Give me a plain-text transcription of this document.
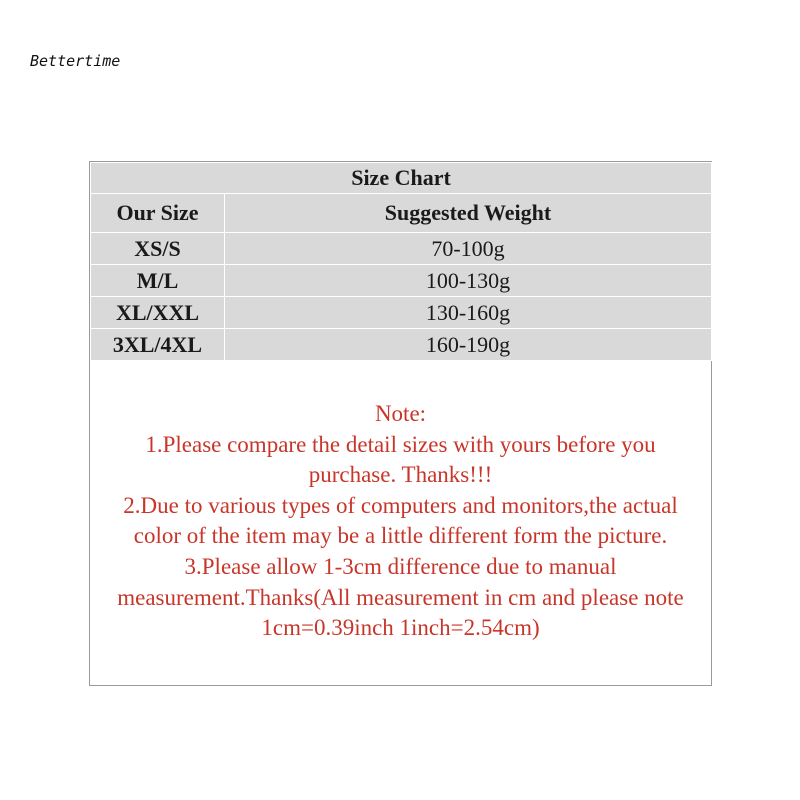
Bettertime
Size Chart	
Our Size	Suggested Weight
XS/S	70-100g
M/L	100-130g
XL/XXL	130-160g
3XL/4XL	160-190g
Note:
1.Please compare the detail sizes with yours before you
purchase. Thanks!!!
2.Due to various types of computers and monitors,the actual
color of the item may be a little different form the picture.
3.Please allow 1-3cm difference due to manual
measurement.Thanks(All measurement in cm and please note
1cm=0.39inch 1inch=2.54cm)
